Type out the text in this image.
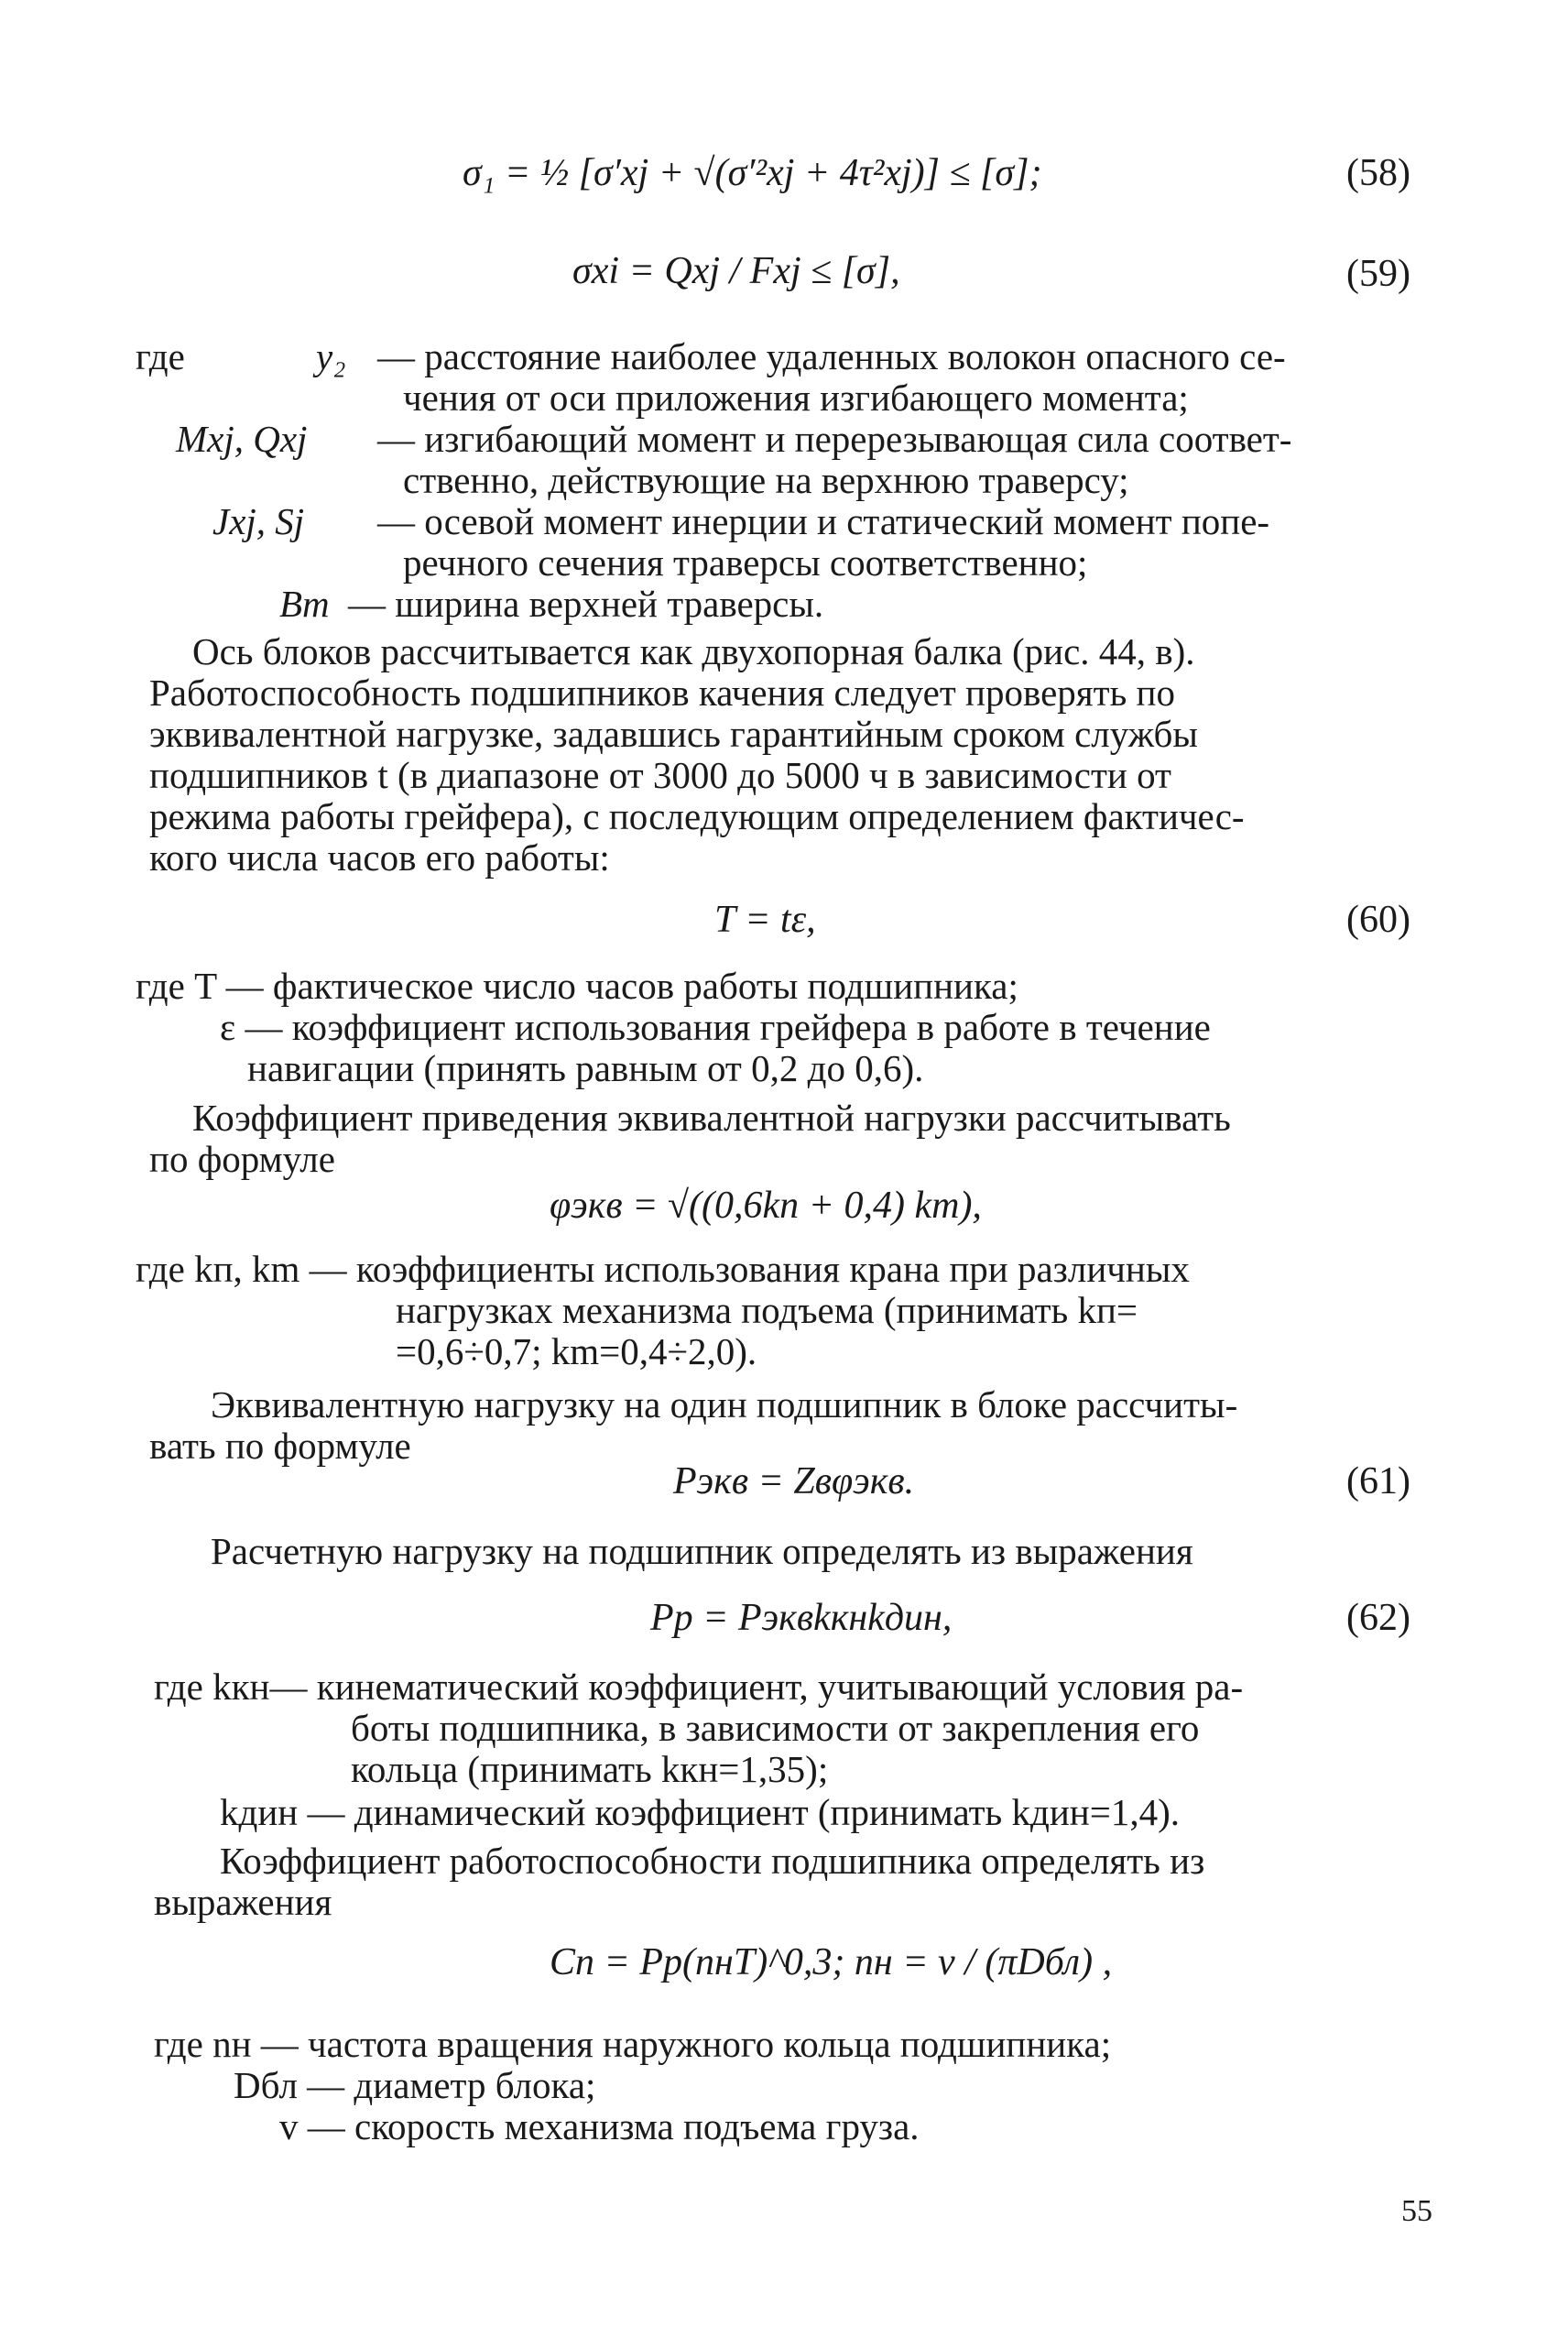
σ₁ = ½ [σ′xj + √(σ′²xj + 4τ²xj)] ≤ [σ];	(58)
σxi = Qxj / Fxj ≤ [σ],	(59)
где	y₂ — расстояние наиболее удаленных волокон опасного се-
чения от оси приложения изгибающего момента;
Mxj, Qxj — изгибающий момент и перерезывающая сила соответ-
ственно, действующие на верхнюю траверсу;
Jxj, Sj — осевой момент инерции и статический момент попе-
речного сечения траверсы соответственно;
Bт — ширина верхней траверсы.
Ось блоков рассчитывается как двухопорная балка (рис. 44, в).
Работоспособность подшипников качения следует проверять по
эквивалентной нагрузке, задавшись гарантийным сроком службы
подшипников t (в диапазоне от 3000 до 5000 ч в зависимости от
режима работы грейфера), с последующим определением фактичес-
кого числа часов его работы:
T = tε,	(60)
где T — фактическое число часов работы подшипника;
ε — коэффициент использования грейфера в работе в течение
навигации (принять равным от 0,2 до 0,6).
Коэффициент приведения эквивалентной нагрузки рассчитывать
по формуле
φэкв = √((0,6kп + 0,4) km),
где kп, km — коэффициенты использования крана при различных
нагрузках механизма подъема (принимать kп=
=0,6÷0,7; km=0,4÷2,0).
Эквивалентную нагрузку на один подшипник в блоке рассчиты-
вать по формуле
Pэкв = Zвφэкв.	(61)
Расчетную нагрузку на подшипник определять из выражения
Pр = Pэквkкнkдин,	(62)
где kкн— кинематический коэффициент, учитывающий условия ра-
боты подшипника, в зависимости от закрепления его
кольца (принимать kкн=1,35);
kдин — динамический коэффициент (принимать kдин=1,4).
Коэффициент работоспособности подшипника определять из
выражения
Cп = Pр(nнT)^0,3; nн = v / (πDбл) ,
где nн — частота вращения наружного кольца подшипника;
Dбл — диаметр блока;
v — скорость механизма подъема груза.
55
